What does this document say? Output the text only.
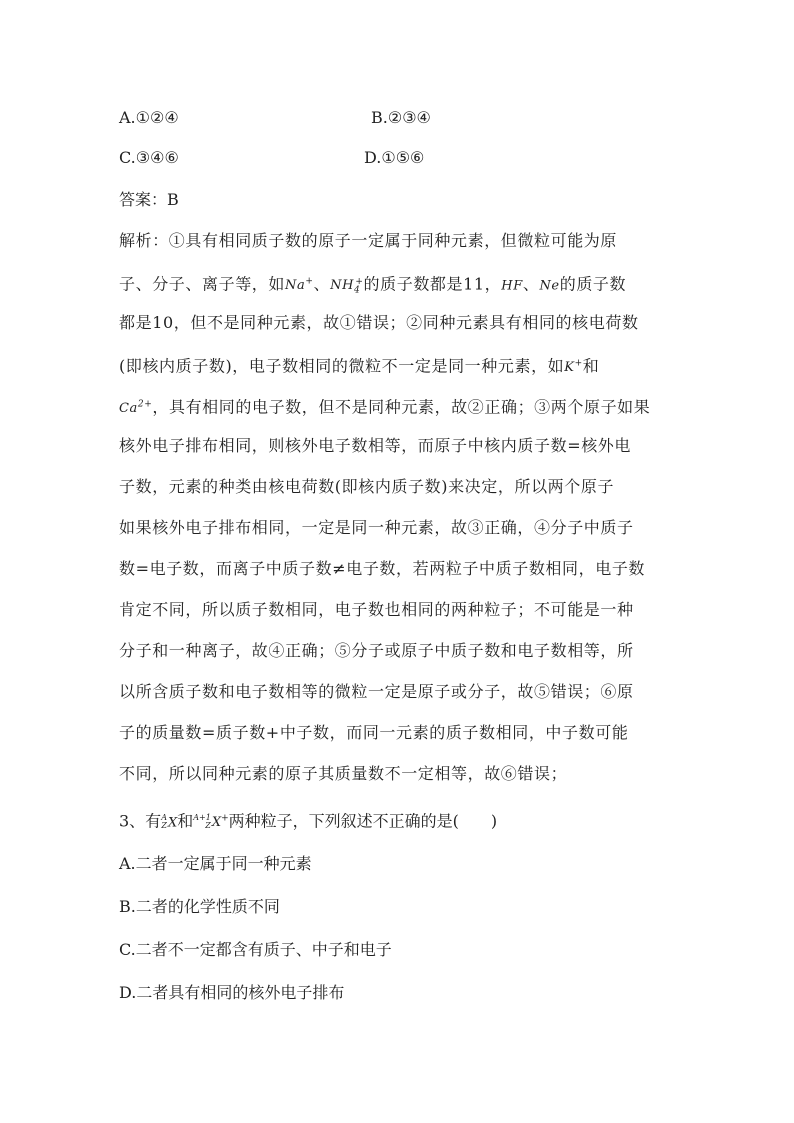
A.①②④	B.②③④
C.③④⑥	D.①⑤⑥
答案：B
解析：①具有相同质子数的原子一定属于同种元素，但微粒可能为原
子、分子、离子等，如Na+、$NH_4^+$的质子数都是11，HF、Ne的质子数
都是10，但不是同种元素，故①错误；②同种元素具有相同的核电荷数
(即核内质子数)，电子数相同的微粒不一定是同一种元素，如K+和
$Ca^{2+}$，具有相同的电子数，但不是同种元素，故②正确；③两个原子如果
核外电子排布相同，则核外电子数相等，而原子中核内质子数=核外电
子数，元素的种类由核电荷数(即核内质子数)来决定，所以两个原子
如果核外电子排布相同，一定是同一种元素，故③正确，④分子中质子
数=电子数，而离子中质子数≠电子数，若两粒子中质子数相同，电子数
肯定不同，所以质子数相同，电子数也相同的两种粒子；不可能是一种
分子和一种离子，故④正确；⑤分子或原子中质子数和电子数相等，所
以所含质子数和电子数相等的微粒一定是原子或分子，故⑤错误；⑥原
子的质量数=质子数+中子数，而同一元素的质子数相同，中子数可能
不同，所以同种元素的原子其质量数不一定相等，故⑥错误；
3、有 A
Z X和 A+1
Z X+两种粒子，下列叙述不正确的是(　　)
A.二者一定属于同一种元素
B.二者的化学性质不同
C.二者不一定都含有质子、中子和电子
D.二者具有相同的核外电子排布
